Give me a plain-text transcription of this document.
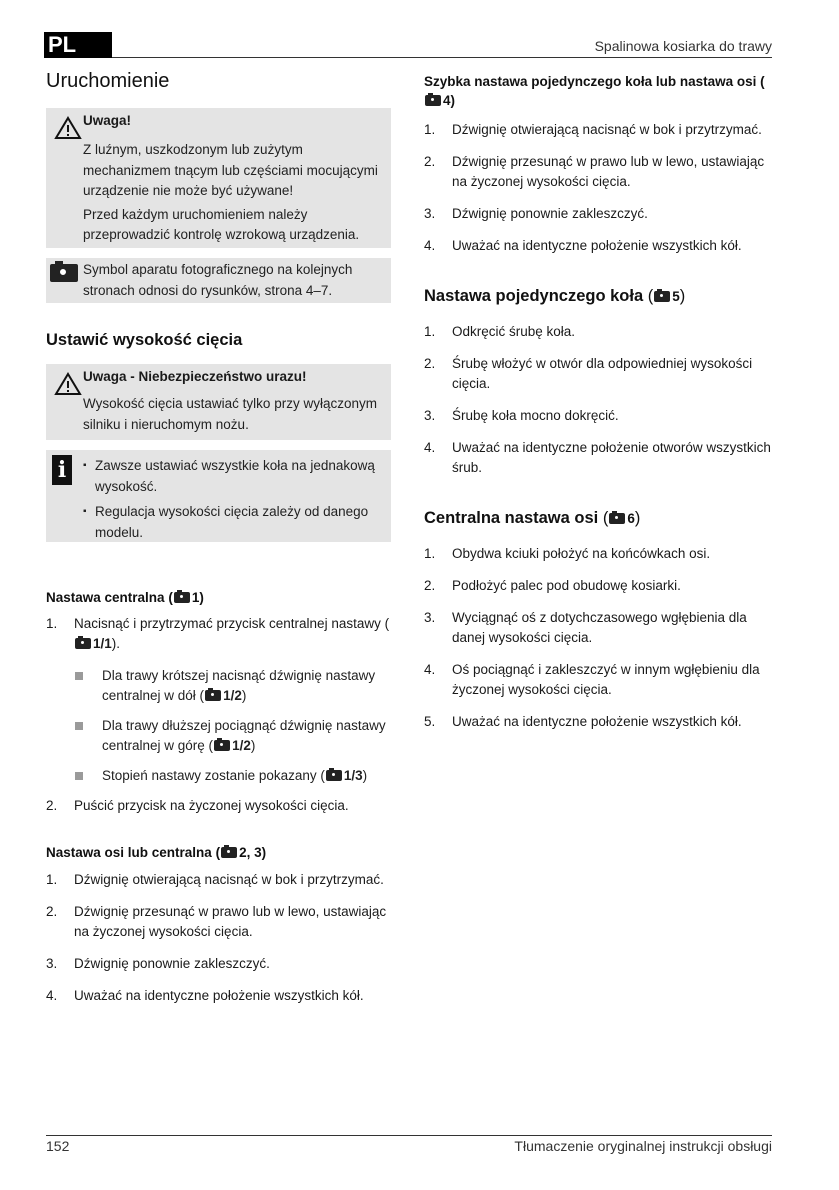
PL	Spalinowa kosiarka do trawy
Uruchomienie
Uwaga!

Z luźnym, uszkodzonym lub zużytym mechanizmem tnącym lub częściami mocującymi urządzenie nie może być używane!

Przed każdym uruchomieniem należy przeprowadzić kontrolę wzrokową urządzenia.

Symbol aparatu fotograficznego na kolejnych stronach odnosi do rysunków, strona 4–7.
Ustawić wysokość cięcia
Uwaga - Niebezpieczeństwo urazu!
Wysokość cięcia ustawiać tylko przy wyłączonym silniku i nieruchomym nożu.
i
▪	Zawsze ustawiać wszystkie koła na jednakową wysokość.
▪ Regulacja wysokości cięcia zależy od danego modelu.
Nastawa centralna ( 1)
1. Nacisnąć i przytrzymać przycisk centralnej nastawy (1/1).
Dla trawy krótszej nacisnąć dźwignię nastawy centralnej w dół ( 1/2)
Dla trawy dłuższej pociągnąć dźwignię nastawy centralnej w górę ( 1/2)
Stopień nastawy zostanie pokazany ( 1/3)
2. Puścić przycisk na życzonej wysokości cięcia.
Nastawa osi lub centralna ( 2, 3)
1. Dźwignię otwierającą nacisnąć w bok i przytrzymać.
2. Dźwignię przesunąć w prawo lub w lewo, ustawiając na życzonej wysokości cięcia.
3. Dźwignię ponownie zakleszczyć.
4. Uważać na identyczne położenie wszystkich kół.
Szybka nastawa pojedynczego koła lub nastawa osi (4)
1. Dźwignię otwierającą nacisnąć w bok i przytrzymać.
2. Dźwignię przesunąć w prawo lub w lewo, ustawiając na życzonej wysokości cięcia.
3. Dźwignię ponownie zakleszczyć.
4. Uważać na identyczne położenie wszystkich kół.
Nastawa pojedynczego koła ( 5)
1. Odkręcić śrubę koła.
2. Śrubę włożyć w otwór dla odpowiedniej wysokości cięcia.
3. Śrubę koła mocno dokręcić.
4. Uważać na identyczne położenie otworów wszystkich śrub.
Centralna nastawa osi ( 6)
1. Obydwa kciuki położyć na końcówkach osi.
2. Podłożyć palec pod obudowę kosiarki.
3. Wyciągnąć oś z dotychczasowego wgłębienia dla danej wysokości cięcia.
4. Oś pociągnąć i zakleszczyć w innym wgłębieniu dla życzonej wysokości cięcia.
5. Uważać na identyczne położenie wszystkich kół.
152	Tłumaczenie oryginalnej instrukcji obsługi
